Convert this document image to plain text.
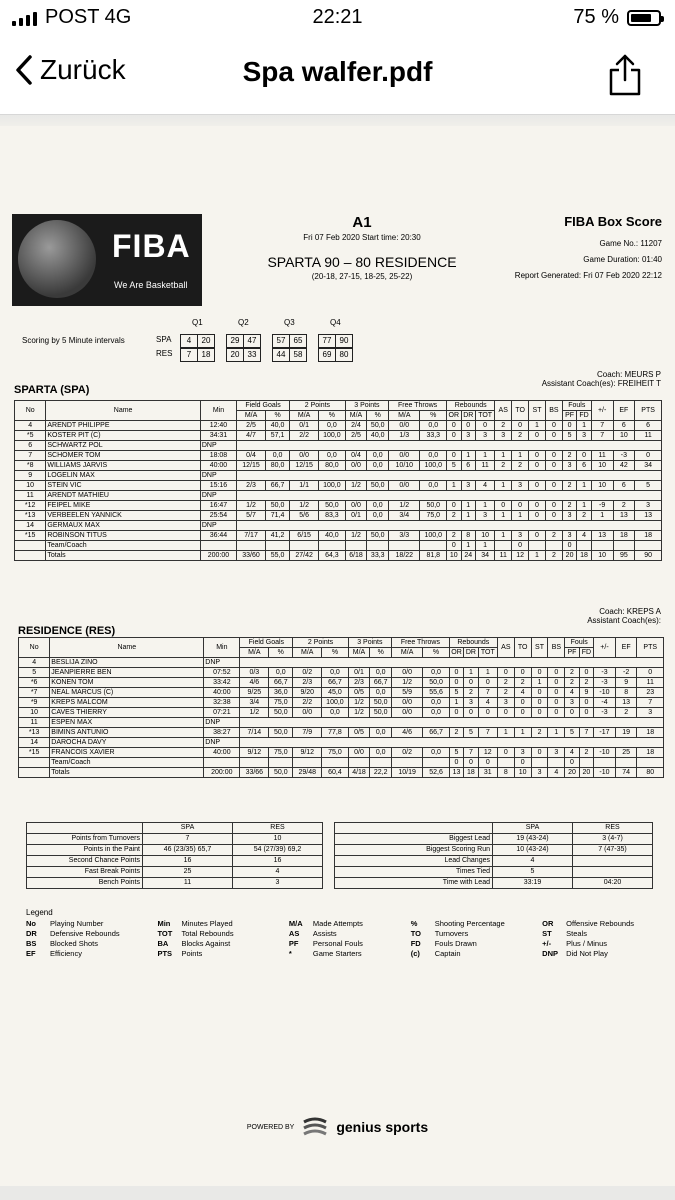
POST 4G	22:21	75 %
Zurück	Spa walfer.pdf
FIBA
We Are Basketball
A1
Fri 07 Feb 2020 Start time: 20:30
SPARTA 90 – 80 RESIDENCE
(20-18, 27-15, 18-25, 25-22)
FIBA Box Score
Game No.: 11207
Game Duration: 01:40
Report Generated: Fri 07 Feb 2020 22:12
Scoring by 5 Minute intervals	SPA
RES
Q1	Q2	Q3	Q4
4	20	29	47	57	65	77	90
7	18	20	33	44	58	69	80
SPARTA (SPA)
Coach: MEURS P
Assistant Coach(es): FREIHEIT T
No	Name	Min	Field Goals		2 Points		3 Points		Free Throws		Rebounds			AS	TO	ST	BS	Fouls		+/-	EF	PTS
			M/A	%	M/A	%	M/A	%	M/A	%	OR	DR	TOT					PF	FD			
4	ARENDT PHILIPPE	12:40	2/5	40,0	0/1	0,0	2/4	50,0	0/0	0,0	0	0	0	2	0	1	0	0	1	7	6	6
*5	KOSTER PIT (C)	34:31	4/7	57,1	2/2	100,0	2/5	40,0	1/3	33,3	0	3	3	3	2	0	0	5	3	7	10	11
6	SCHWARTZ POL	DNP																				
7	SCHOMER TOM	18:08	0/4	0,0	0/0	0,0	0/4	0,0	0/0	0,0	0	1	1	1	1	0	0	2	0	11	-3	0
*8	WILLIAMS JARVIS	40:00	12/15	80,0	12/15	80,0	0/0	0,0	10/10	100,0	5	6	11	2	2	0	0	3	6	10	42	34
9	LOGELIN MAX	DNP																				
10	STEIN VIC	15:16	2/3	66,7	1/1	100,0	1/2	50,0	0/0	0,0	1	3	4	1	3	0	0	2	1	10	6	5
11	ARENDT MATHIEU	DNP																				
*12	FEIPEL MIKE	16:47	1/2	50,0	1/2	50,0	0/0	0,0	1/2	50,0	0	1	1	0	0	0	0	2	1	-9	2	3
*13	VERBEELEN YANNICK	25:54	5/7	71,4	5/6	83,3	0/1	0,0	3/4	75,0	2	1	3	1	1	0	0	3	2	1	13	13
14	GERMAUX MAX	DNP																				
*15	ROBINSON TITUS	36:44	7/17	41,2	6/15	40,0	1/2	50,0	3/3	100,0	2	8	10	1	3	0	2	3	4	13	18	18
	Team/Coach										0	1	1		0			0				
	Totals	200:00	33/60	55,0	27/42	64,3	6/18	33,3	18/22	81,8	10	24	34	11	12	1	2	20	18	10	95	90
RESIDENCE (RES)
Coach: KREPS A
Assistant Coach(es):
No	Name	Min	Field Goals		2 Points		3 Points		Free Throws		Rebounds			AS	TO	ST	BS	Fouls		+/-	EF	PTS
			M/A	%	M/A	%	M/A	%	M/A	%	OR	DR	TOT					PF	FD			
4	BESLIJA ZINO	DNP																				
5	JEANPIERRE BEN	07:52	0/3	0,0	0/2	0,0	0/1	0,0	0/0	0,0	0	1	1	0	0	0	0	2	0	-3	-2	0
*6	KONEN TOM	33:42	4/6	66,7	2/3	66,7	2/3	66,7	1/2	50,0	0	0	0	2	2	1	0	2	2	-3	9	11
*7	NEAL MARCUS (C)	40:00	9/25	36,0	9/20	45,0	0/5	0,0	5/9	55,6	5	2	7	2	4	0	0	4	9	-10	8	23
*9	KREPS MALCOM	32:38	3/4	75,0	2/2	100,0	1/2	50,0	0/0	0,0	1	3	4	3	0	0	0	3	0	-4	13	7
10	CAVES THIERRY	07:21	1/2	50,0	0/0	0,0	1/2	50,0	0/0	0,0	0	0	0	0	0	0	0	0	0	-3	2	3
11	ESPEN MAX	DNP																				
*13	BIMINS ANTUNIO	38:27	7/14	50,0	7/9	77,8	0/5	0,0	4/6	66,7	2	5	7	1	1	2	1	5	7	-17	19	18
14	DAROCHA DAVY	DNP																				
*15	FRANCOIS XAVIER	40:00	9/12	75,0	9/12	75,0	0/0	0,0	0/2	0,0	5	7	12	0	3	0	3	4	2	-10	25	18
	Team/Coach										0	0	0		0			0				
	Totals	200:00	33/66	50,0	29/48	60,4	4/18	22,2	10/19	52,6	13	18	31	8	10	3	4	20	20	-10	74	80
	SPA	RES
Points from Turnovers	7	10
Points in the Paint	46 (23/35) 65,7	54 (27/39) 69,2
Second Chance Points	16	16
Fast Break Points	25	4
Bench Points	11	3
	SPA	RES
Biggest Lead	19 (43-24)	3 (4-7)
Biggest Scoring Run	10 (43-24)	7 (47-35)
Lead Changes	4	
Times Tied	5	
Time with Lead	33:19	04:20
Legend
No	Playing Number
DR	Defensive Rebounds
BS	Blocked Shots
EF	Efficiency
Min	Minutes Played
TOT	Total Rebounds
BA	Blocks Against
PTS	Points
M/A	Made Attempts
AS	Assists
PF	Personal Fouls
*	Game Starters
%	Shooting Percentage
TO	Turnovers
FD	Fouls Drawn
(c)	Captain
OR	Offensive Rebounds
ST	Steals
+/-	Plus / Minus
DNP Did Not Play
POWERED BY	genius sports
